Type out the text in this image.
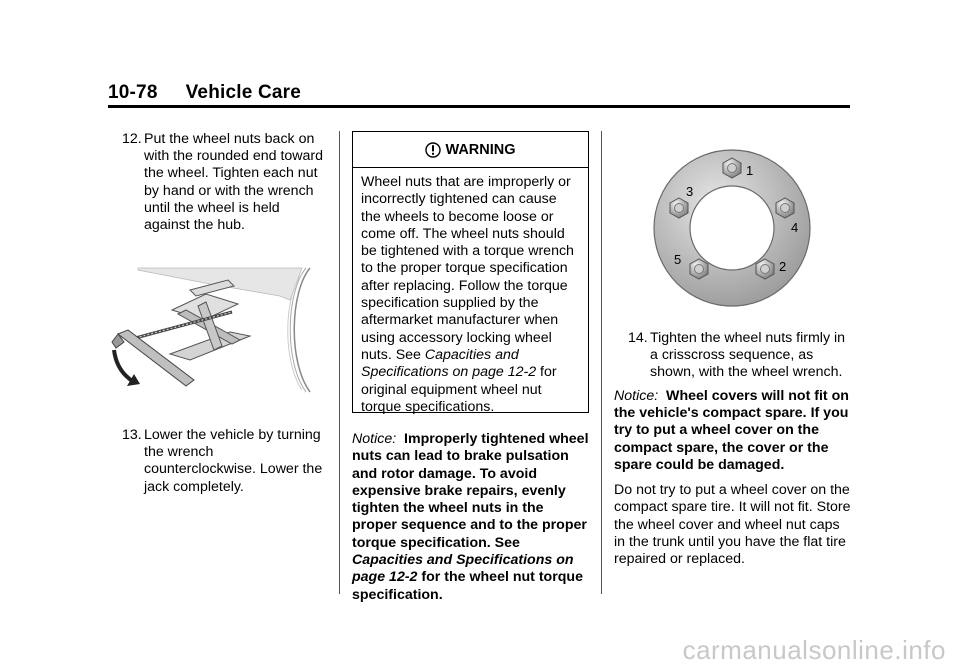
10-78 Vehicle Care
12. Put the wheel nuts back on with the rounded end toward the wheel. Tighten each nut by hand or with the wrench until the wheel is held against the hub.
13. Lower the vehicle by turning the wrench counterclockwise. Lower the jack completely.
WARNING
Wheel nuts that are improperly or incorrectly tightened can cause the wheels to become loose or come off. The wheel nuts should be tightened with a torque wrench to the proper torque specification after replacing. Follow the torque specification supplied by the aftermarket manufacturer when using accessory locking wheel nuts. See Capacities and Specifications on page 12-2 for original equipment wheel nut torque specifications.
Notice: Improperly tightened wheel nuts can lead to brake pulsation and rotor damage. To avoid expensive brake repairs, evenly tighten the wheel nuts in the proper sequence and to the proper torque specification. See Capacities and Specifications on page 12-2 for the wheel nut torque specification.
1
2
3
4
5
14. Tighten the wheel nuts firmly in a crisscross sequence, as shown, with the wheel wrench.
Notice: Wheel covers will not fit on the vehicle's compact spare. If you try to put a wheel cover on the compact spare, the cover or the spare could be damaged.
Do not try to put a wheel cover on the compact spare tire. It will not fit. Store the wheel cover and wheel nut caps in the trunk until you have the flat tire repaired or replaced.
carmanualsonline.info
